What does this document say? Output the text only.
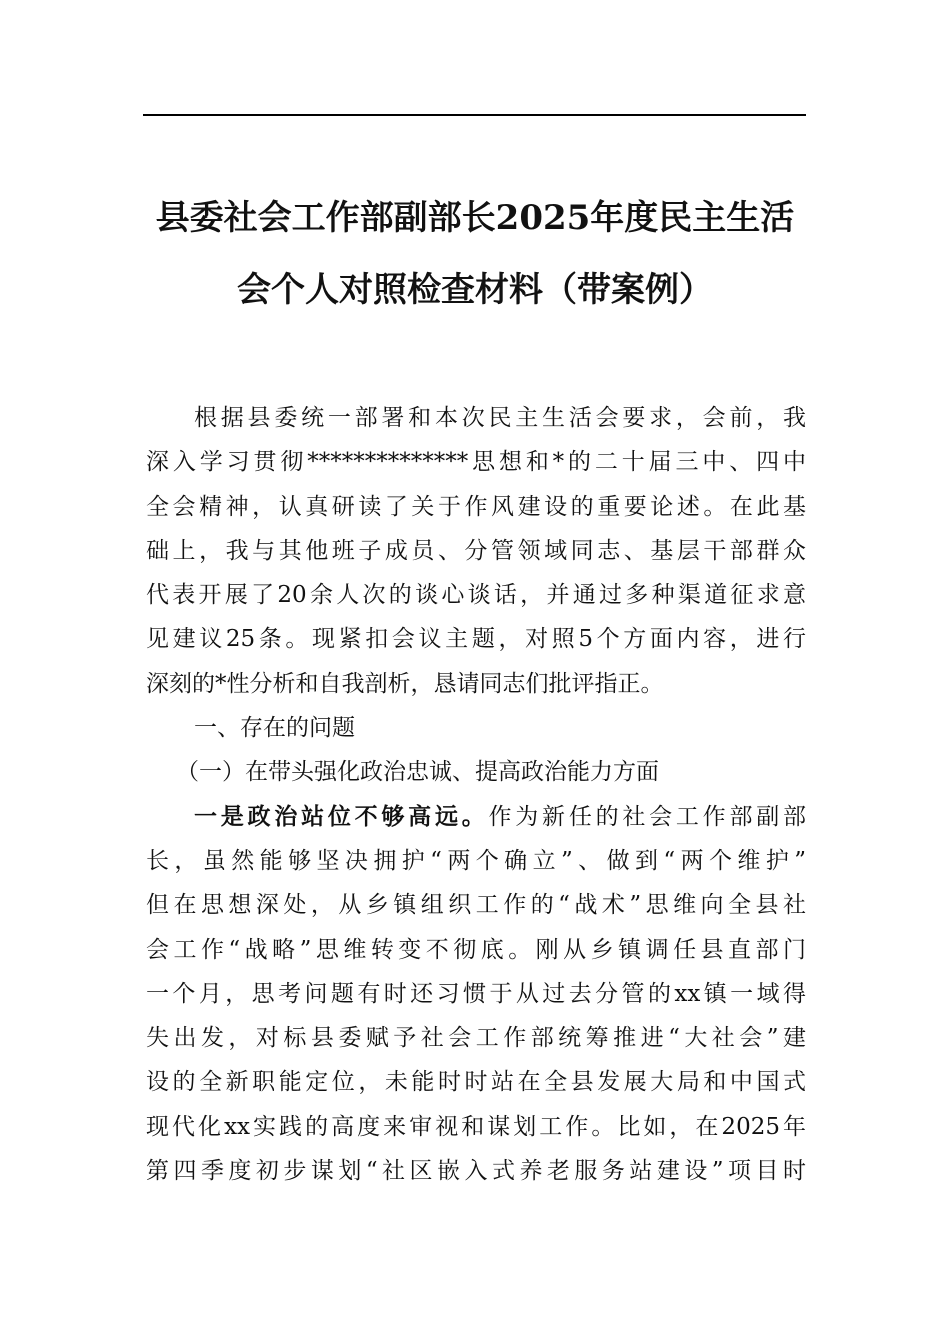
县委社会工作部副部长2025年度民主生活
会个人对照检查材料（带案例）
根据县委统一部署和本次民主生活会要求，会前，我
深入学习贯彻**************思想和*的二十届三中、四中
全会精神，认真研读了关于作风建设的重要论述。在此基
础上，我与其他班子成员、分管领域同志、基层干部群众
代表开展了20余人次的谈心谈话，并通过多种渠道征求意
见建议25条。现紧扣会议主题，对照5个方面内容，进行
深刻的*性分析和自我剖析，恳请同志们批评指正。
一、存在的问题
（一）在带头强化政治忠诚、提高政治能力方面
一是政治站位不够高远。作为新任的社会工作部副部
长，虽然能够坚决拥护“两个确立”、做到“两个维护”
但在思想深处，从乡镇组织工作的“战术”思维向全县社
会工作“战略”思维转变不彻底。刚从乡镇调任县直部门
一个月，思考问题有时还习惯于从过去分管的xx镇一域得
失出发，对标县委赋予社会工作部统筹推进“大社会”建
设的全新职能定位，未能时时站在全县发展大局和中国式
现代化xx实践的高度来审视和谋划工作。比如，在2025年
第四季度初步谋划“社区嵌入式养老服务站建设”项目时
